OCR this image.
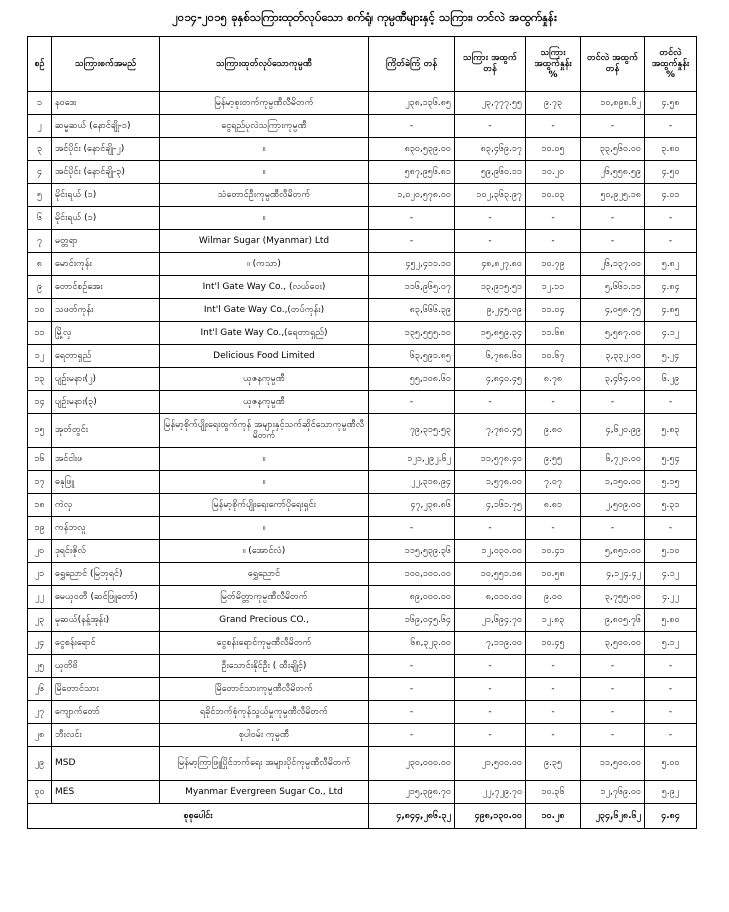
၂၀၁၄-၂၀၁၅ ခုနှစ်သကြားထုတ်လုပ်သော စက်ရုံ၊ ကုမ္ပဏီများနှင့် သကြား၊ တင်လဲ အထွက်နှုန်း
စဉ်	သကြားစက်အမည်	သကြားထုတ်လုပ်သောကုမ္ပဏီ	ကြိတ်ခဲကြံ တန်	သကြား အထွက် တန်	သကြား အထွက်နှုန်း %	တင်လဲ အထွက် တန်	တင်လဲ အထွက်နှုန်း %
၁	နဝဒေး	မြန်မာ့စုးတက်ကုမ္ပဏီလီမိတက်	၂၃၈,၁၃၆.၈၅	၂၃,၇၇၇.၅၅	၉.၇၃	၁၀,၈၉၈.၆၂	၄.၅၈
၂	ဆမ္မဆယ် (နောင်ချို-၁)	ငွေရည်ပုလဲသကြားကုမ္ပဏီ	-	-	-	-	-
၃	အင်ပိုင်း (နောင်ချို-၂)	။	၈၃၀,၅၃၉.၀၀	၈၃,၄၆၉.၁၇	၁၀.၀၅	၃၃,၅၆၀.၀၀	၃.၈၀
၄	အင်ပိုင်း (နောင်ချို-၃)	။	၅၈၇,၉၅၆.၈၁	၅၉,၉၆၀.၁၁	၁၀.၂၀	၂၆,၅၅၈.၅၉	၄.၅၀
၅	မိုင်းရယ် (၁)	သံတောင်ဦးကုမ္ပဏီလီမိတက်	၁,၀၂၀,၅၇၈.၀၀	၁၀၂,၃၆၃.၉၇	၁၀.၀၃	၅၀,၉၂၅.၁၈	၄.၀၁
၆	မိုင်းရယ် (၁)	။	-	-	-	-	-
၇	မတ္တရာ	Wilmar Sugar (Myanmar) Ltd	-	-	-	-	-
၈	မောင်းကုန်း	။ (ကသာ)	၄၅၂,၄၁၁.၁၀	၄၈,၈၂၇.၈၀	၁၀.၇၉	၂၆,၁၃၇.၀၀	၅.၈၂
၉	တောင်စဉ်အေး	Int'l Gate Way Co., (လယ်ဝေး)	၁၁၆,၉၆၅.၀၇	၁၃,၉၁၅.၅၁	၁၂.၁၁	၅,၆၆၁.၁၁	၄.၈၄
၁၀	သဖတ်ကုန်း	Int'l Gate Way Co.,(တပ်ကုန်း)	၈၃,၆၆၆.၃၉	၉,၂၄၅.၀၉	၁၁.၀၄	၄,၀၅၈.၇၅	၄.၈၅
၁၁	မြို့လှ	Int'l Gate Way Co.,(ရေတာရှည်)	၁၃၅,၅၅၅.၁၀	၁၅,၈၅၉.၃၄	၁၁.၆၈	၅,၅၈၇.၀၀	၄.၁၂
၁၂	ရေတာရှည်	Delicious Food Limited	၆၃,၅၉၁.၈၅	၆,၇၈၈.၆၀	၁၀.၆၇	၃,၃၃၂.၀၀	၅.၂၄
၁၃	ပျဉ်းမနား(၂)	ယုဇနကုမ္ပဏီ	၅၅,၁၀၈.၆၀	၄,၈၄၀.၄၅	၈.၇၈	၃,၄၆၄.၀၀	၆.၂၉
၁၄	ပျဉ်းမနား(၃)	ယုဇနကုမ္ပဏီ	-	-	-	-	-
၁၅	အုတ်တွင်း	မြန်မာ့စိုက်ပျိုးရေးထွက်ကုန် အများနှင့်သက်ဆိုင်သောကုမ္ပဏီလီမိတက်	၇၉,၃၁၅.၅၃	၇,၇၈၀.၄၅	၉.၈၀	၄,၆၂၀.၉၉	၅.၈၃
၁၆	အင်ငါးဖ	။	၁၂၁,၂၉၂.၆၂	၁၁,၅၇၈.၄၀	၉.၅၅	၆,၇၂၀.၀၀	၅.၅၄
၁၇	ဓနုဖြူ	။	၂၂,၃၁၈.၉၄	၁,၅၇၈.၀၀	၇.၀၇	၁,၁၅၀.၀၀	၅.၁၅
၁၈	ကဲလှ	မြန်မာ့စိုက်ပျိုးရေးကော်ပိုရေးရှင်း	၄၇,၂၃၈.၈၆	၄,၁၆၁.၇၅	၈.၈၁	၂,၅၀၉.၀၀	၅.၃၁
၁၉	ကန်ဘလူ	။	-	-	-	-	-
၂၀	ဒုရင်းဇိုလ်	။ (အောင်လံ)	၁၁၅,၅၃၉.၃၆	၁၂,၀၃၀.၀၀	၁၀.၄၁	၅,၈၅၁.၀၀	၅.၁၀
၂၁	ရွှေညောင် (မြဘုရင်)	ရွှေညောင်	၁၀၀,၁၀၀.၀၀	၁၀,၅၅၁.၁၈	၁၀.၅၈	၄,၁၂၄.၄၂	၄.၁၂
၂၂	မေယုဝတီ (ဆင်ဖြူတော်)	မြတ်မိတ္တာကုမ္ပဏီလီမိတက်	၈၉,၀၀၀.၀၀	၈,၀၁၀.၀၀	၉.၀၀	၃,၇၅၅.၀၀	၄.၂၂
၂၃	မုဆယ်(နန့်အုန်း)	Grand Precious CO.,	၁၆၉,၀၄၅.၆၄	၂၁,၆၉၄.၇၀	၁၂.၈၃	၉,၈၀၅.၇၆	၅.၈၀
၂၄	ငွေစန်းရောင်	ငွေစန်းရောင်ကုမ္ပဏီလီမိတက်	၆၈,၃၂၃.၀၀	၇,၁၁၉.၀၀	၁၀.၄၅	၃,၅၀၀.၀၀	၅.၁၂
၂၅	ယုတိဗိ	ဦးသောင်းနိုင်ဦး ( ထီးချိုင့်)	-	-	-	-	-
၂၆	မြိတောင်သား	မြိတောင်သားကုမ္ပဏီလီမိတက်	-	-	-	-	-
၂၇	ကျောက်တော်	ရခိုင်ဘက်စုံကုန်သွယ်မှုကုမ္ပဏီလီမိတက်	-	-	-	-	-
၂၈	ဘီးလင်း	စုပါဝမ်း ကုမ္ပဏီ	-	-	-	-	-
၂၉	MSD	မြန်မာ့ကြာဖြူပြိုင်ဘက်ရေး အများပိုင်ကုမ္ပဏီလီမိတက်	၂၃၀,၀၀၀.၀၀	၂၁,၅၀၀.၀၀	၉.၃၅	၁၁,၅၀၀.၀၀	၅.၀၀
၃၀	MES	Myanmar Evergreen Sugar Co., Ltd	၂၁၅,၃၉၈.၇၀	၂၂,၇၂၉.၇၀	၁၀.၃၆	၁၂,၇၆၉.၀၀	၅.၉၂
စုစုပေါင်း			၄,၈၄၄,၂၈၆.၃၂	၄၉၈,၁၃၀.၀၀	၁၀.၂၈	၂၃၄,၆၂၈.၆၂	၄.၈၄
